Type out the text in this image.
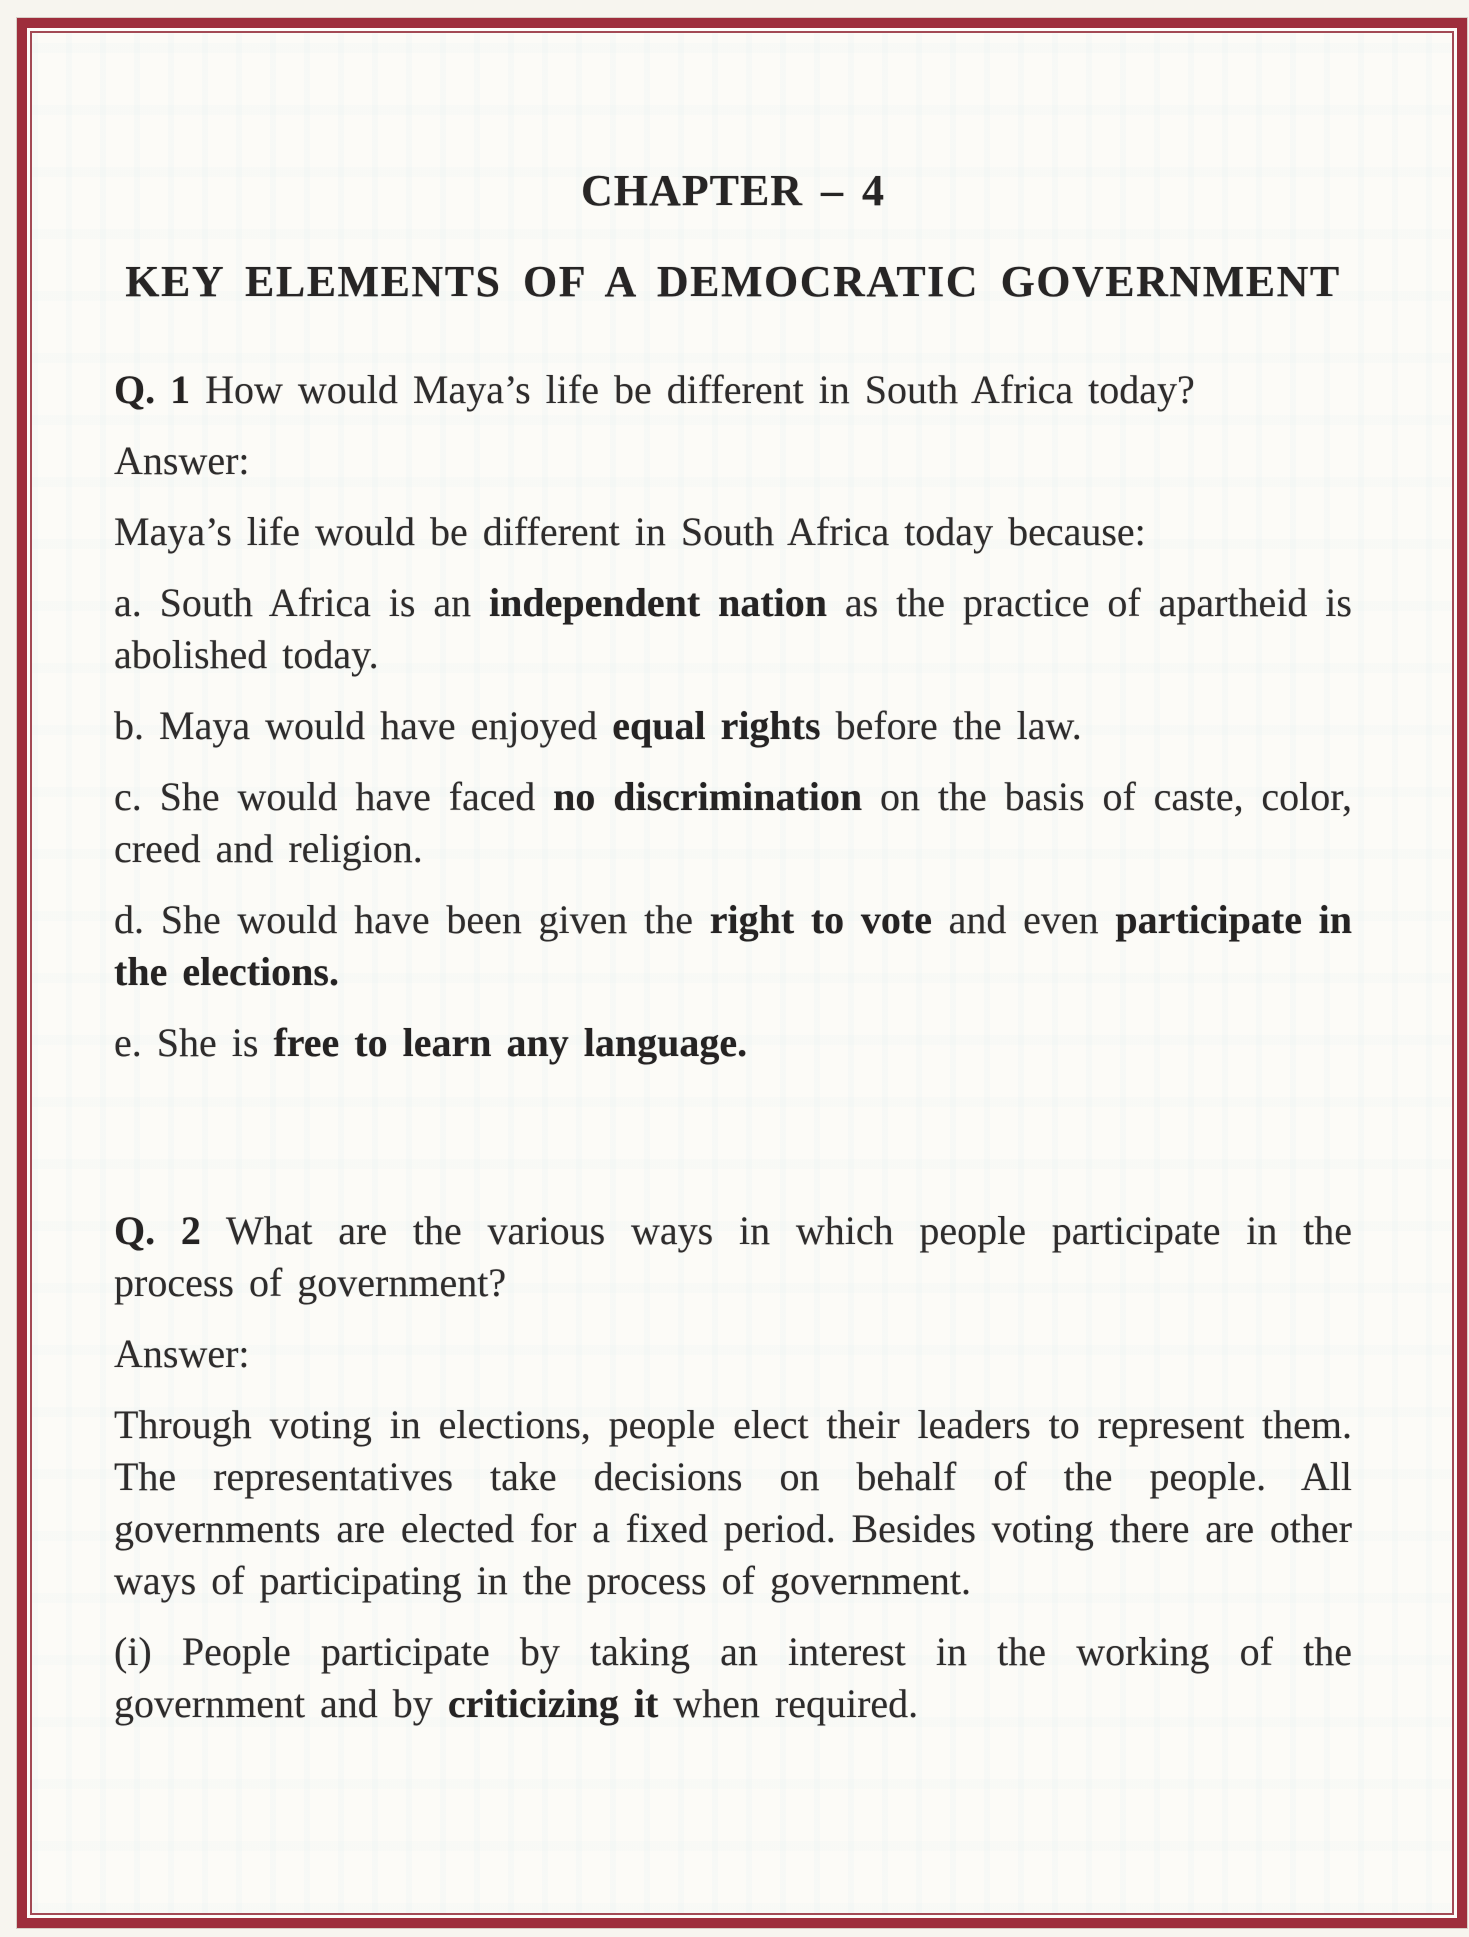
CHAPTER – 4
KEY ELEMENTS OF A DEMOCRATIC GOVERNMENT

Q. 1 How would Maya’s life be different in South Africa today?

Answer:

Maya’s life would be different in South Africa today because:

a. South Africa is an independent nation as the practice of apartheid is abolished today.

b. Maya would have enjoyed equal rights before the law.

c. She would have faced no discrimination on the basis of caste, color, creed and religion.

d. She would have been given the right to vote and even participate in the elections.

e. She is free to learn any language.

Q. 2 What are the various ways in which people participate in the process of government?

Answer:

Through voting in elections, people elect their leaders to represent them. The representatives take decisions on behalf of the people. All governments are elected for a fixed period. Besides voting there are other ways of participating in the process of government.

(i) People participate by taking an interest in the working of the government and by criticizing it when required.
